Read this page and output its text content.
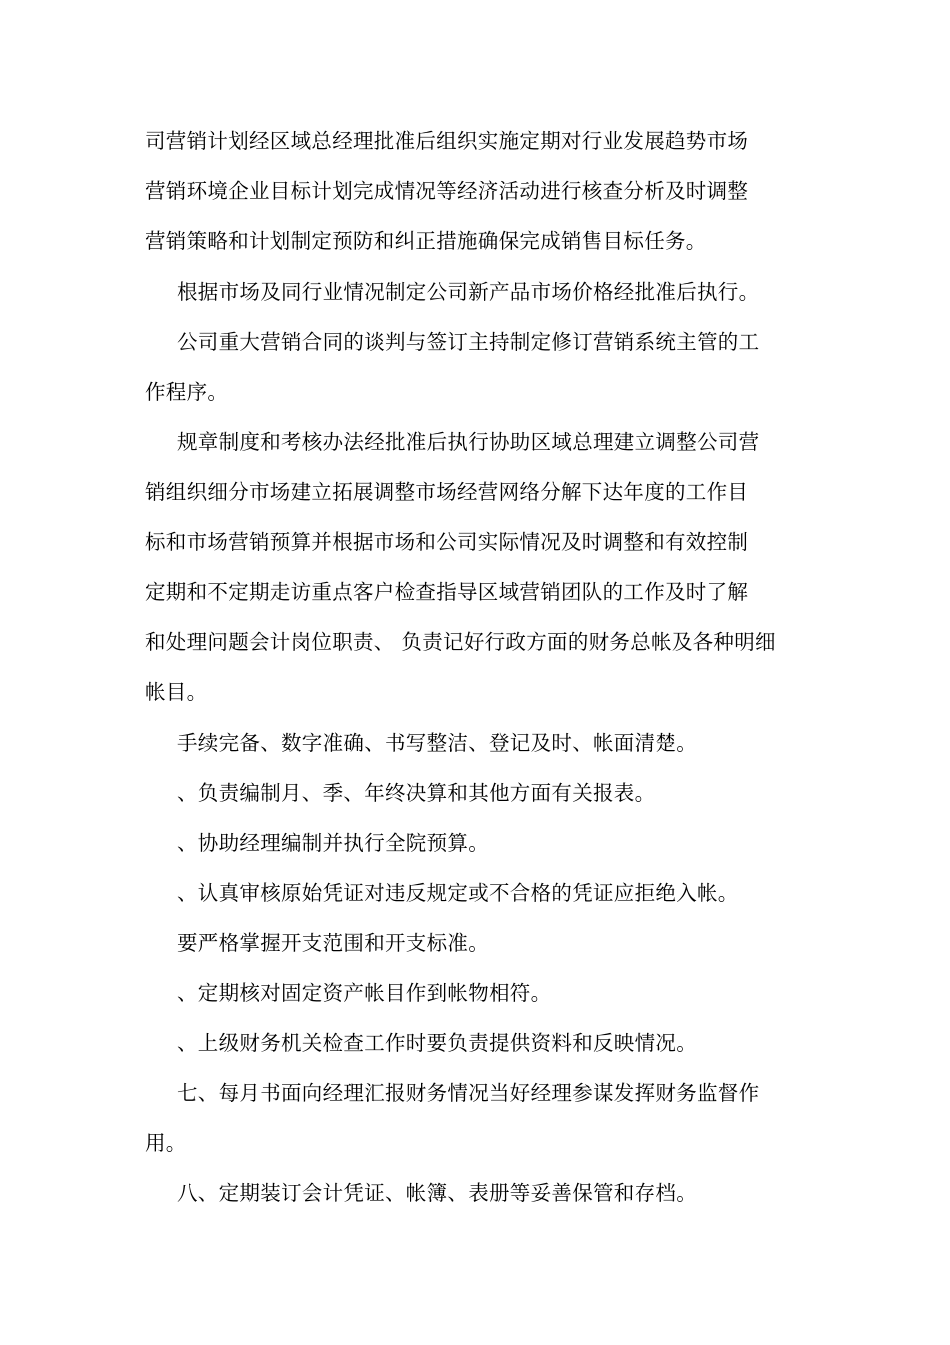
司营销计划经区域总经理批准后组织实施定期对行业发展趋势市场
营销环境企业目标计划完成情况等经济活动进行核查分析及时调整
营销策略和计划制定预防和纠正措施确保完成销售目标任务。
根据市场及同行业情况制定公司新产品市场价格经批准后执行。
公司重大营销合同的谈判与签订主持制定修订营销系统主管的工
作程序。
规章制度和考核办法经批准后执行协助区域总理建立调整公司营
销组织细分市场建立拓展调整市场经营网络分解下达年度的工作目
标和市场营销预算并根据市场和公司实际情况及时调整和有效控制
定期和不定期走访重点客户检查指导区域营销团队的工作及时了解
和处理问题会计岗位职责、 负责记好行政方面的财务总帐及各种明细
帐目。
手续完备、数字准确、书写整洁、登记及时、帐面清楚。
、负责编制月、季、年终决算和其他方面有关报表。
、协助经理编制并执行全院预算。
、认真审核原始凭证对违反规定或不合格的凭证应拒绝入帐。
要严格掌握开支范围和开支标准。
、定期核对固定资产帐目作到帐物相符。
、上级财务机关检查工作时要负责提供资料和反映情况。
七、每月书面向经理汇报财务情况当好经理参谋发挥财务监督作
用。
八、定期装订会计凭证、帐簿、表册等妥善保管和存档。
